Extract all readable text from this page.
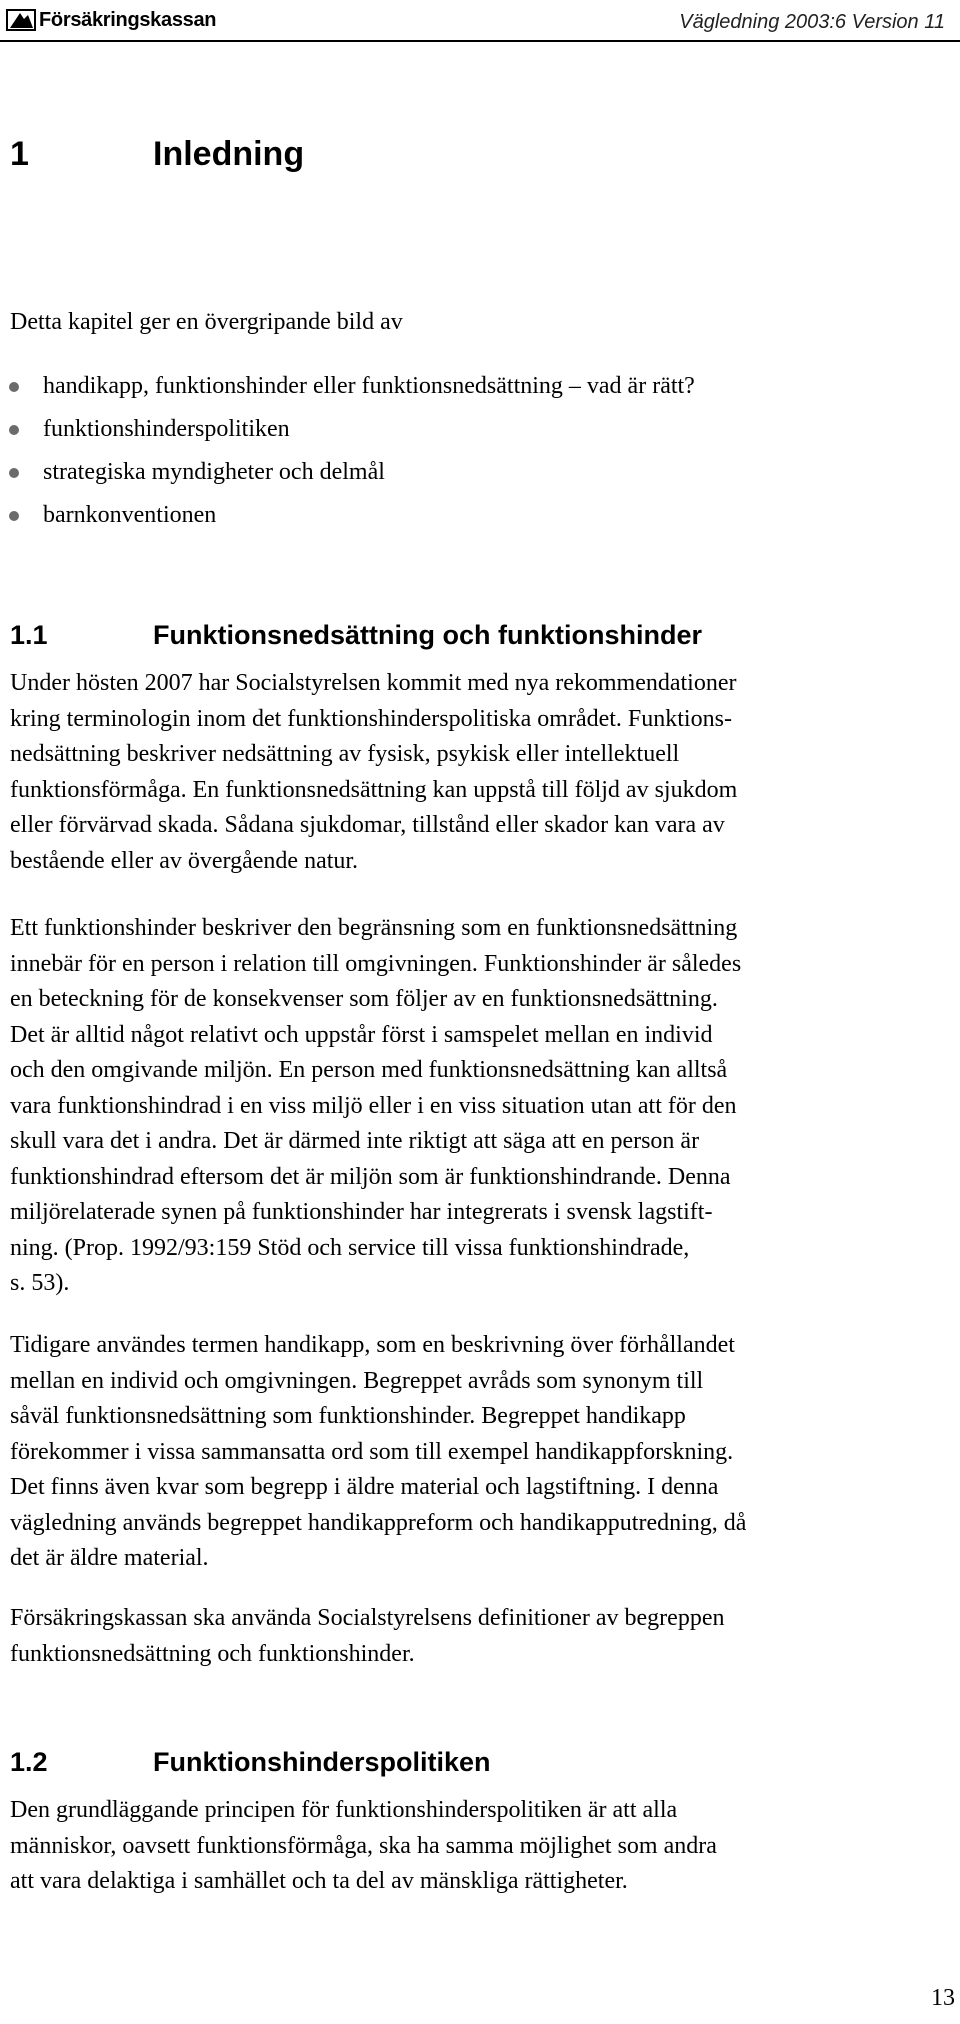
Försäkringskassan	Vägledning 2003:6 Version 11
1	Inledning

Detta kapitel ger en övergripande bild av

handikapp, funktionshinder eller funktionsnedsättning – vad är rätt?
funktionshinderspolitiken
strategiska myndigheter och delmål
barnkonventionen
1.1	Funktionsnedsättning och funktionshinder

Under hösten 2007 har Socialstyrelsen kommit med nya rekommendationer
kring terminologin inom det funktionshinderspolitiska området. Funktions-
nedsättning beskriver nedsättning av fysisk, psykisk eller intellektuell
funktionsförmåga. En funktionsnedsättning kan uppstå till följd av sjukdom
eller förvärvad skada. Sådana sjukdomar, tillstånd eller skador kan vara av
bestående eller av övergående natur.

Ett funktionshinder beskriver den begränsning som en funktionsnedsättning
innebär för en person i relation till omgivningen. Funktionshinder är således
en beteckning för de konsekvenser som följer av en funktionsnedsättning.
Det är alltid något relativt och uppstår först i samspelet mellan en individ
och den omgivande miljön. En person med funktionsnedsättning kan alltså
vara funktionshindrad i en viss miljö eller i en viss situation utan att för den
skull vara det i andra. Det är därmed inte riktigt att säga att en person är
funktionshindrad eftersom det är miljön som är funktionshindrande. Denna
miljörelaterade synen på funktionshinder har integrerats i svensk lagstift-
ning. (Prop. 1992/93:159 Stöd och service till vissa funktionshindrade,
s. 53).

Tidigare användes termen handikapp, som en beskrivning över förhållandet
mellan en individ och omgivningen. Begreppet avråds som synonym till
såväl funktionsnedsättning som funktionshinder. Begreppet handikapp
förekommer i vissa sammansatta ord som till exempel handikappforskning.
Det finns även kvar som begrepp i äldre material och lagstiftning. I denna
vägledning används begreppet handikappreform och handikapputredning, då
det är äldre material.

Försäkringskassan ska använda Socialstyrelsens definitioner av begreppen
funktionsnedsättning och funktionshinder.

1.2	Funktionshinderspolitiken

Den grundläggande principen för funktionshinderspolitiken är att alla
människor, oavsett funktionsförmåga, ska ha samma möjlighet som andra
att vara delaktiga i samhället och ta del av mänskliga rättigheter.

13
